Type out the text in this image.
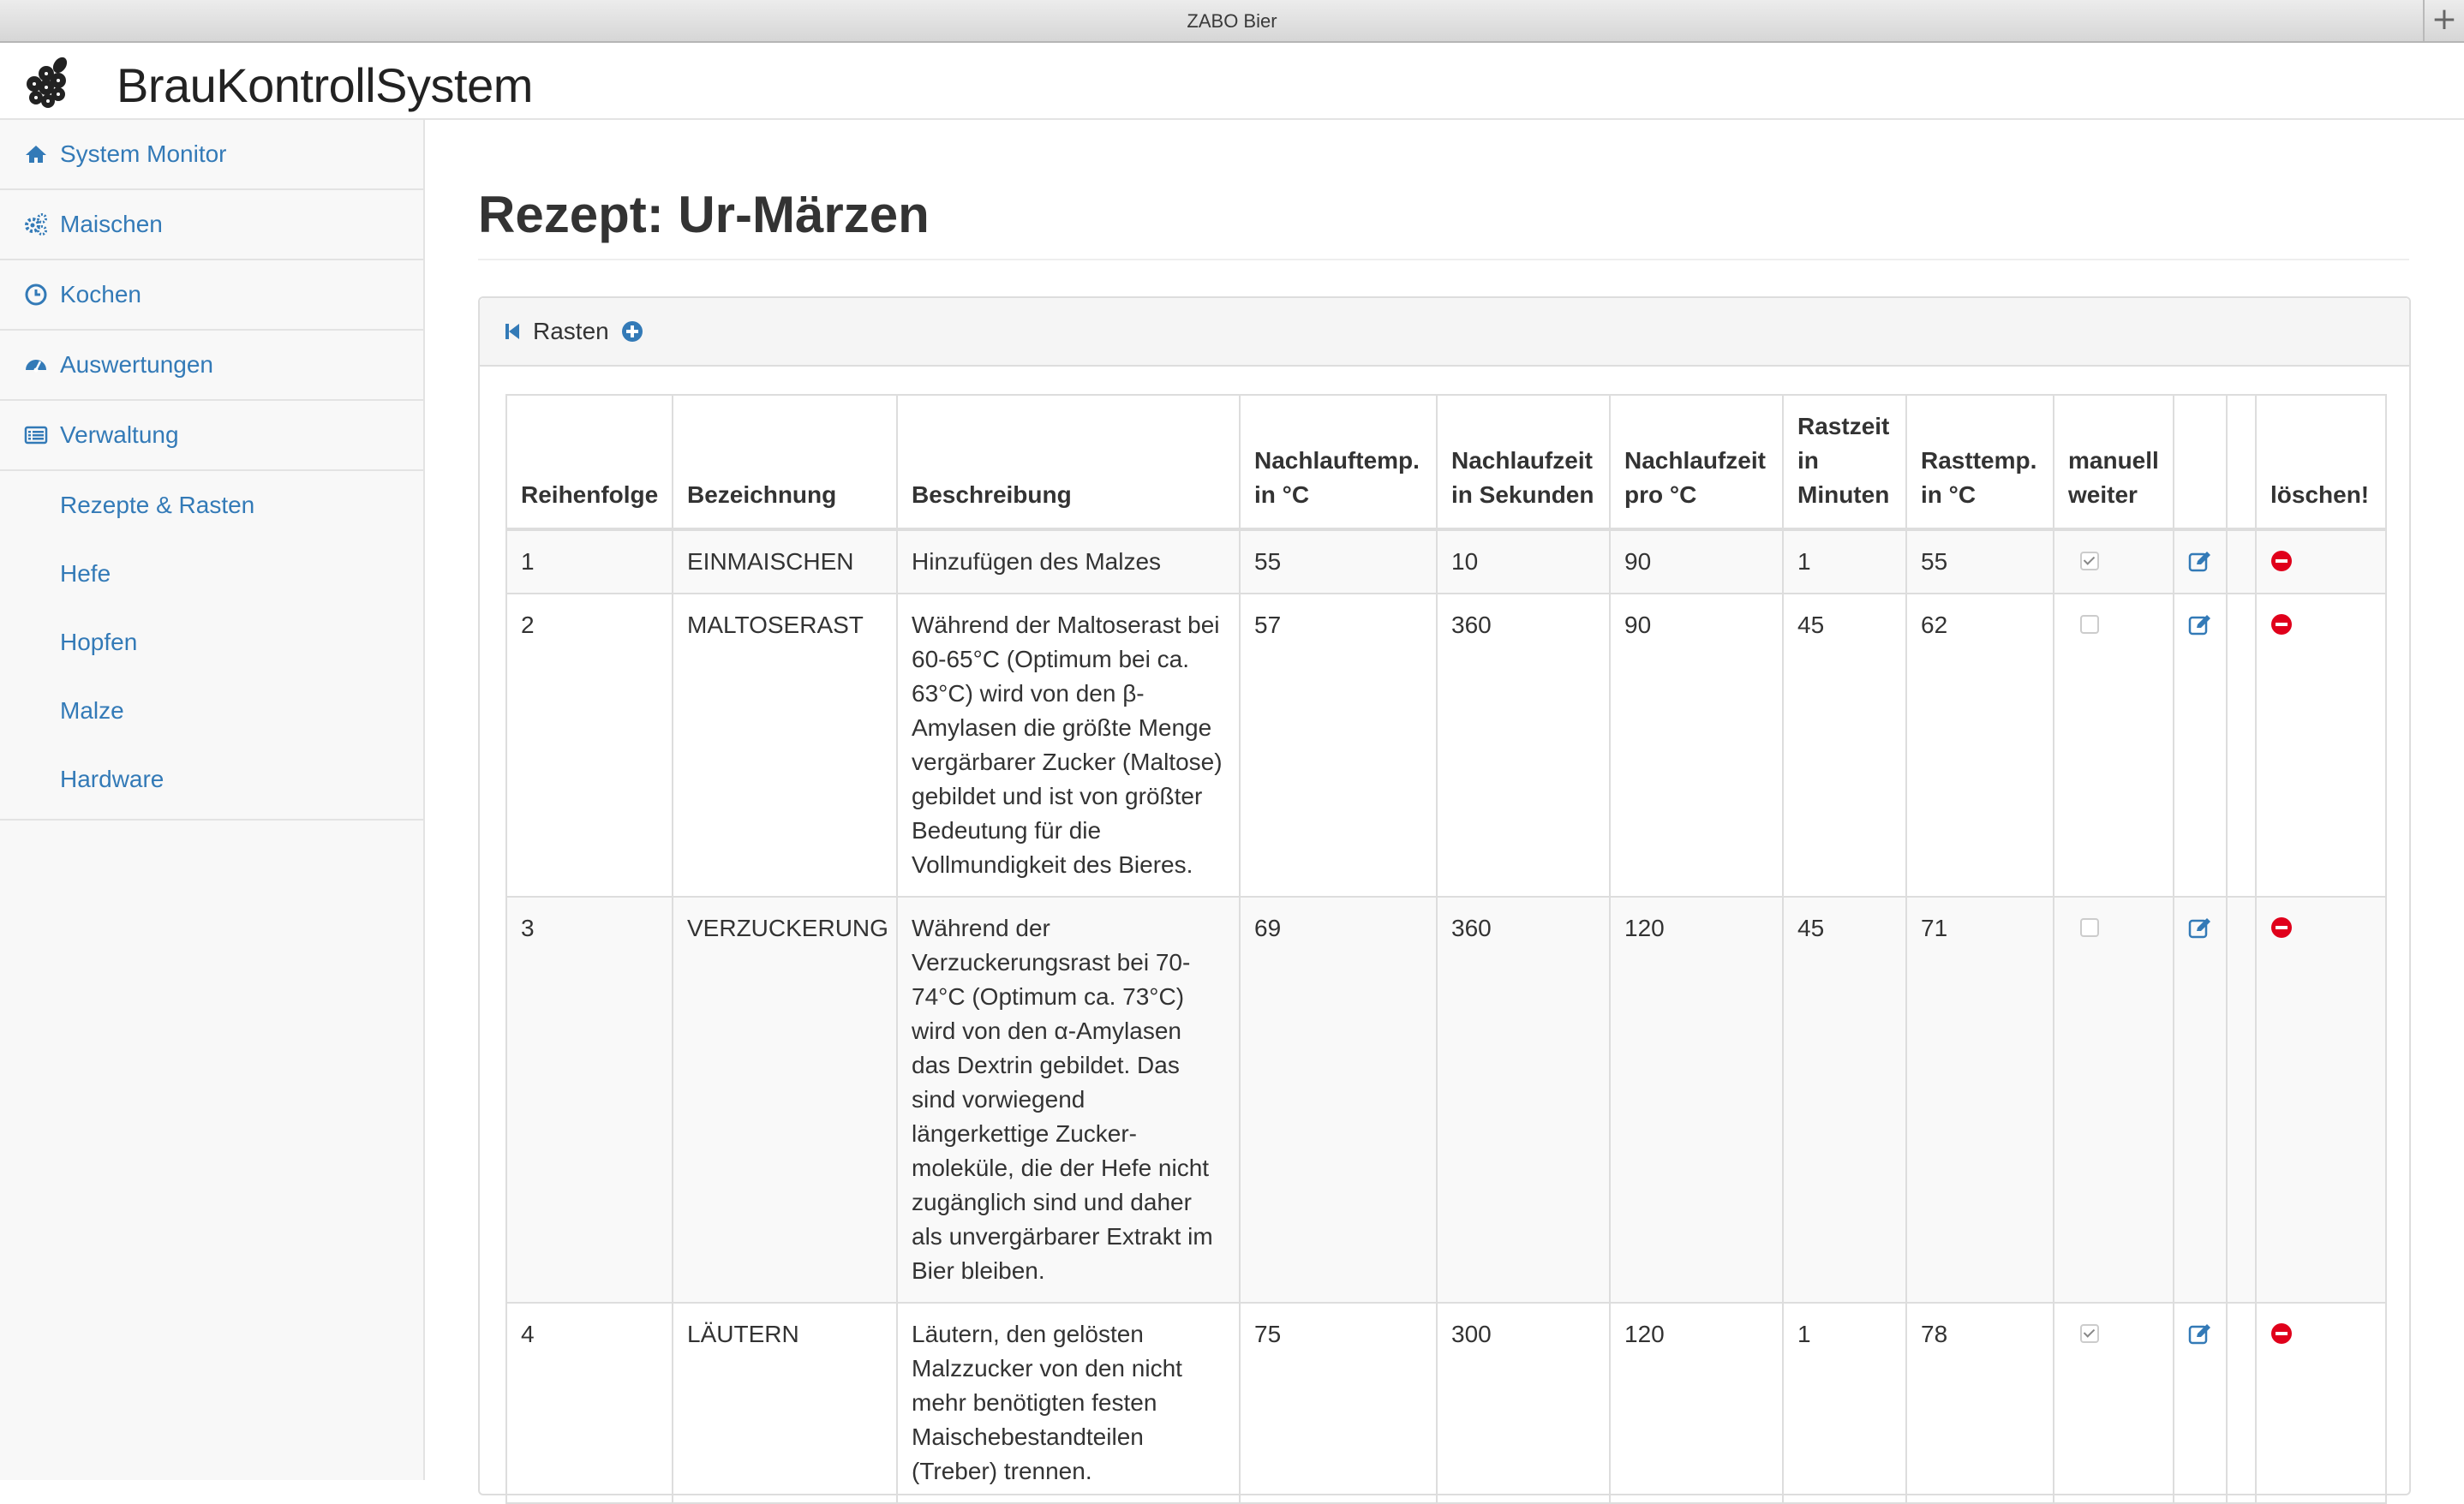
ZABO Bier	+
BrauKontrollSystem
System Monitor
Maischen
Kochen
Auswertungen
Verwaltung
Rezepte & Rasten
Hefe
Hopfen
Malze
Hardware
Rezept: Ur-Märzen
Rasten
Reihenfolge	Bezeichnung	Beschreibung	Nachlauftemp. in °C	Nachlaufzeit in Sekunden	Nachlaufzeit pro °C	Rastzeit in Minuten	Rasttemp. in °C	manuell weiter			löschen!
1	EINMAISCHEN	Hinzufügen des Malzes	55	10	90	1	55				
2	MALTOSERAST	Während der Maltoserast bei 60-65°C (Optimum bei ca. 63°C) wird von den β-Amylasen die größte Menge vergärbarer Zucker (Maltose) gebildet und ist von größter Bedeutung für die Vollmundigkeit des Bieres.	57	360	90	45	62				
3	VERZUCKERUNG	Während der Verzuckerungsrast bei 70-74°C (Optimum ca. 73°C) wird von den α-Amylasen das Dextrin gebildet. Das sind vorwiegend längerkettige Zucker-moleküle, die der Hefe nicht zugänglich sind und daher als unvergärbarer Extrakt im Bier bleiben.	69	360	120	45	71				
4	LÄUTERN	Läutern, den gelösten Malzzucker von den nicht mehr benötigten festen Maischebestandteilen (Treber) trennen.	75	300	120	1	78				
